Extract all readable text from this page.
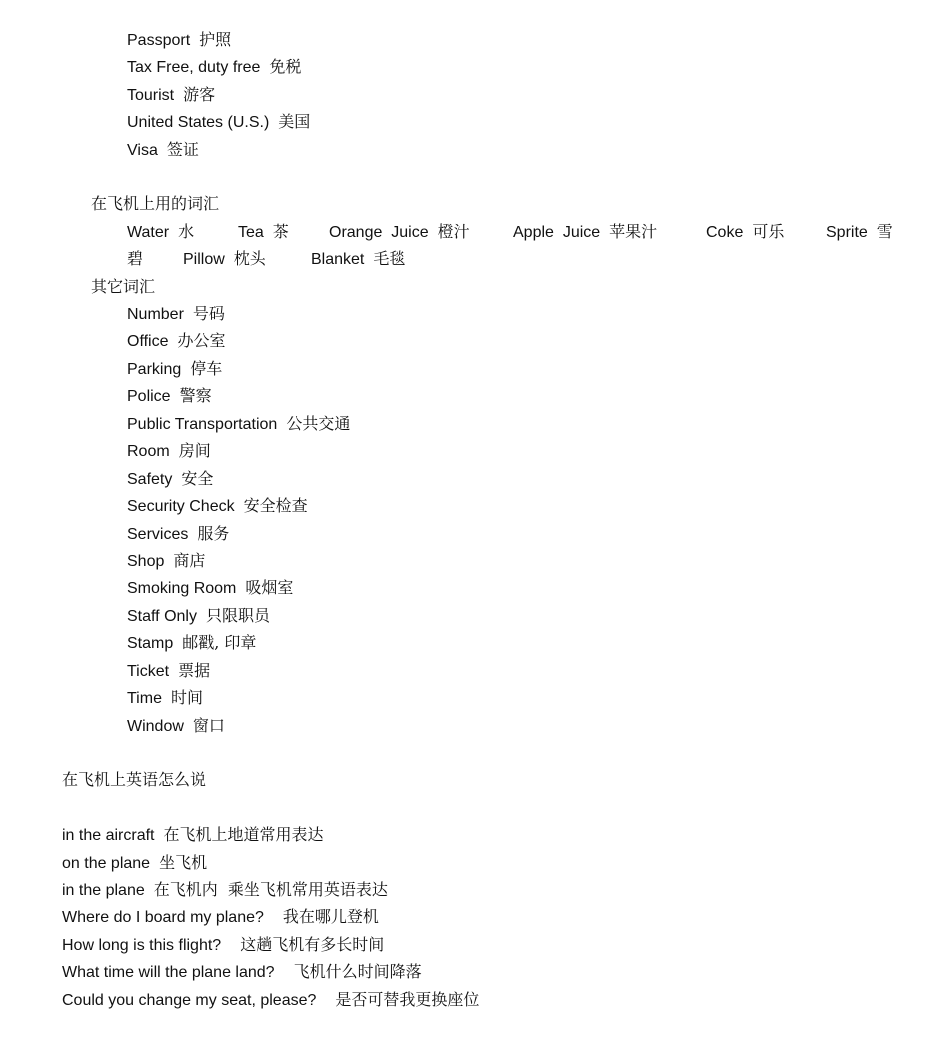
Passport 护照
Tax Free, duty free 免税
Tourist 游客
United States (U.S.) 美国
Visa 签证
在飞机上用的词汇
Water 水	Tea 茶	Orange  Juice 橙汁	Apple  Juice 苹果汁	Coke 可乐	Sprite 雪
碧 Pillow 枕头	Blanket 毛毯
其它词汇
Number 号码
Office 办公室
Parking 停车
Police 警察
Public Transportation 公共交通
Room 房间
Safety 安全
Security Check 安全检查
Services 服务
Shop 商店
Smoking Room 吸烟室
Staff Only 只限职员
Stamp 邮戳, 印章
Ticket 票据
Time 时间
Window 窗口
在飞机上英语怎么说
in the aircraft 在飞机上地道常用表达
on the plane 坐飞机
in the plane 在飞机内  乘坐飞机常用英语表达
Where do I board my plane? 我在哪儿登机
How long is this flight? 这趟飞机有多长时间
What time will the plane land? 飞机什么时间降落
Could you change my seat, please? 是否可替我更换座位
